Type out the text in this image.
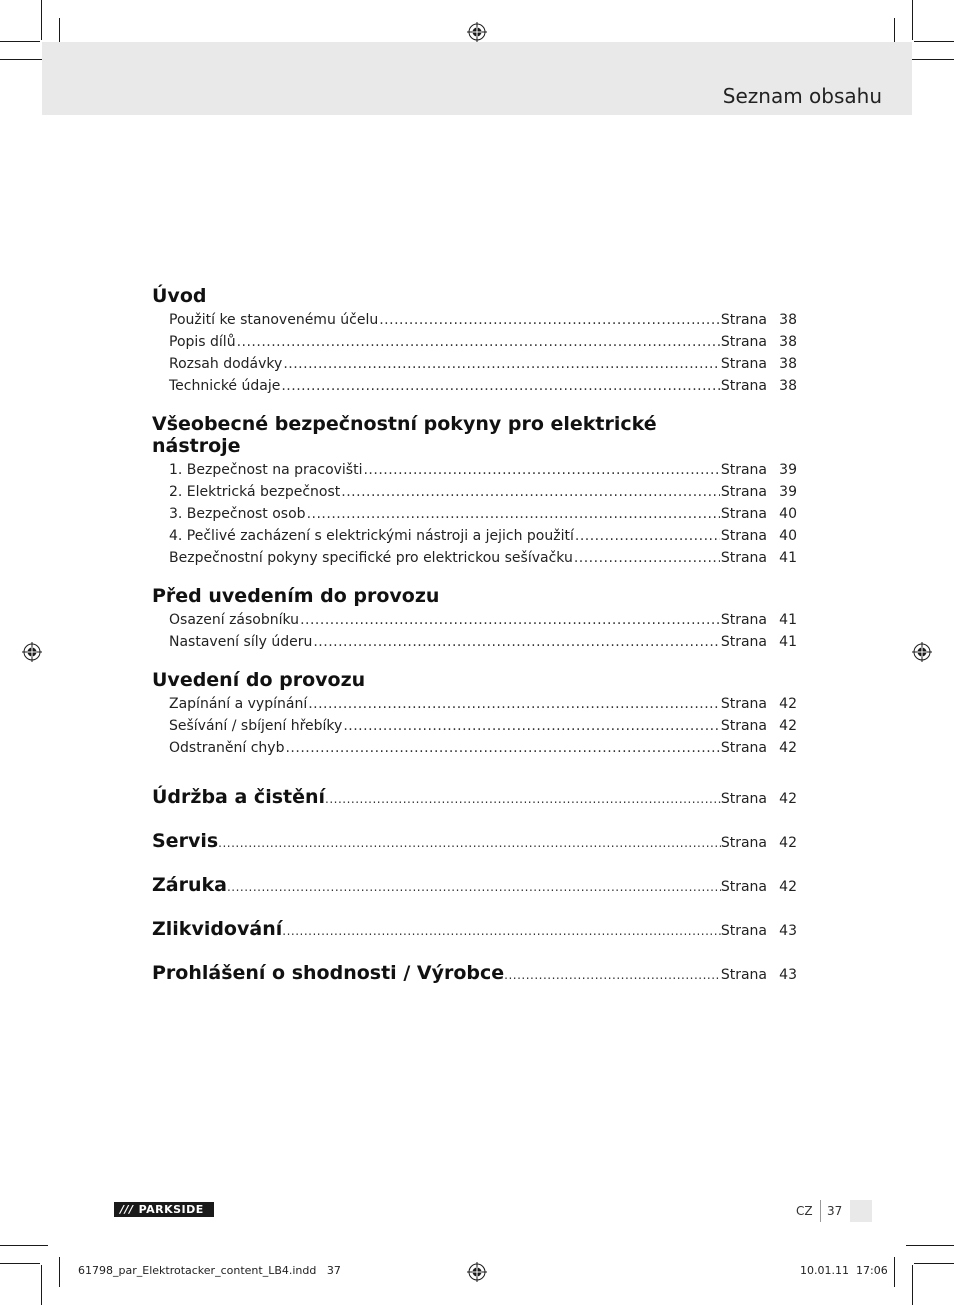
Seznam obsahu
Úvod
Použití ke stanovenému účelu .....	Strana 38
Popis dílů .....	Strana 38
Rozsah dodávky .....	Strana 38
Technické údaje .....	Strana 38
Všeobecné bezpečnostní pokyny pro elektrické
nástroje
1. Bezpečnost na pracovišti .....	Strana 39
2. Elektrická bezpečnost .....	Strana 39
3. Bezpečnost osob .....	Strana 40
4. Pečlivé zacházení s elektrickými nástroji a jejich použití .....	Strana 40
Bezpečnostní pokyny specifické pro elektrickou sešívačku .....	Strana 41
Před uvedením do provozu
Osazení zásobníku .....	Strana 41
Nastavení síly úderu .....	Strana 41
Uvedení do provozu
Zapínání a vypínání .....	Strana 42
Sešívání / sbíjení hřebíky .....	Strana 42
Odstranění chyb .....	Strana 42
Údržba a čistění .....	Strana 42
Servis .....	Strana 42
Záruka .....	Strana 42
Zlikvidování .....	Strana 43
Prohlášení o shodnosti / Výrobce .....	Strana 43
/// PARKSIDE	CZ 37
61798_par_Elektrotacker_content_LB4.indd   37	10.01.11 17:06
